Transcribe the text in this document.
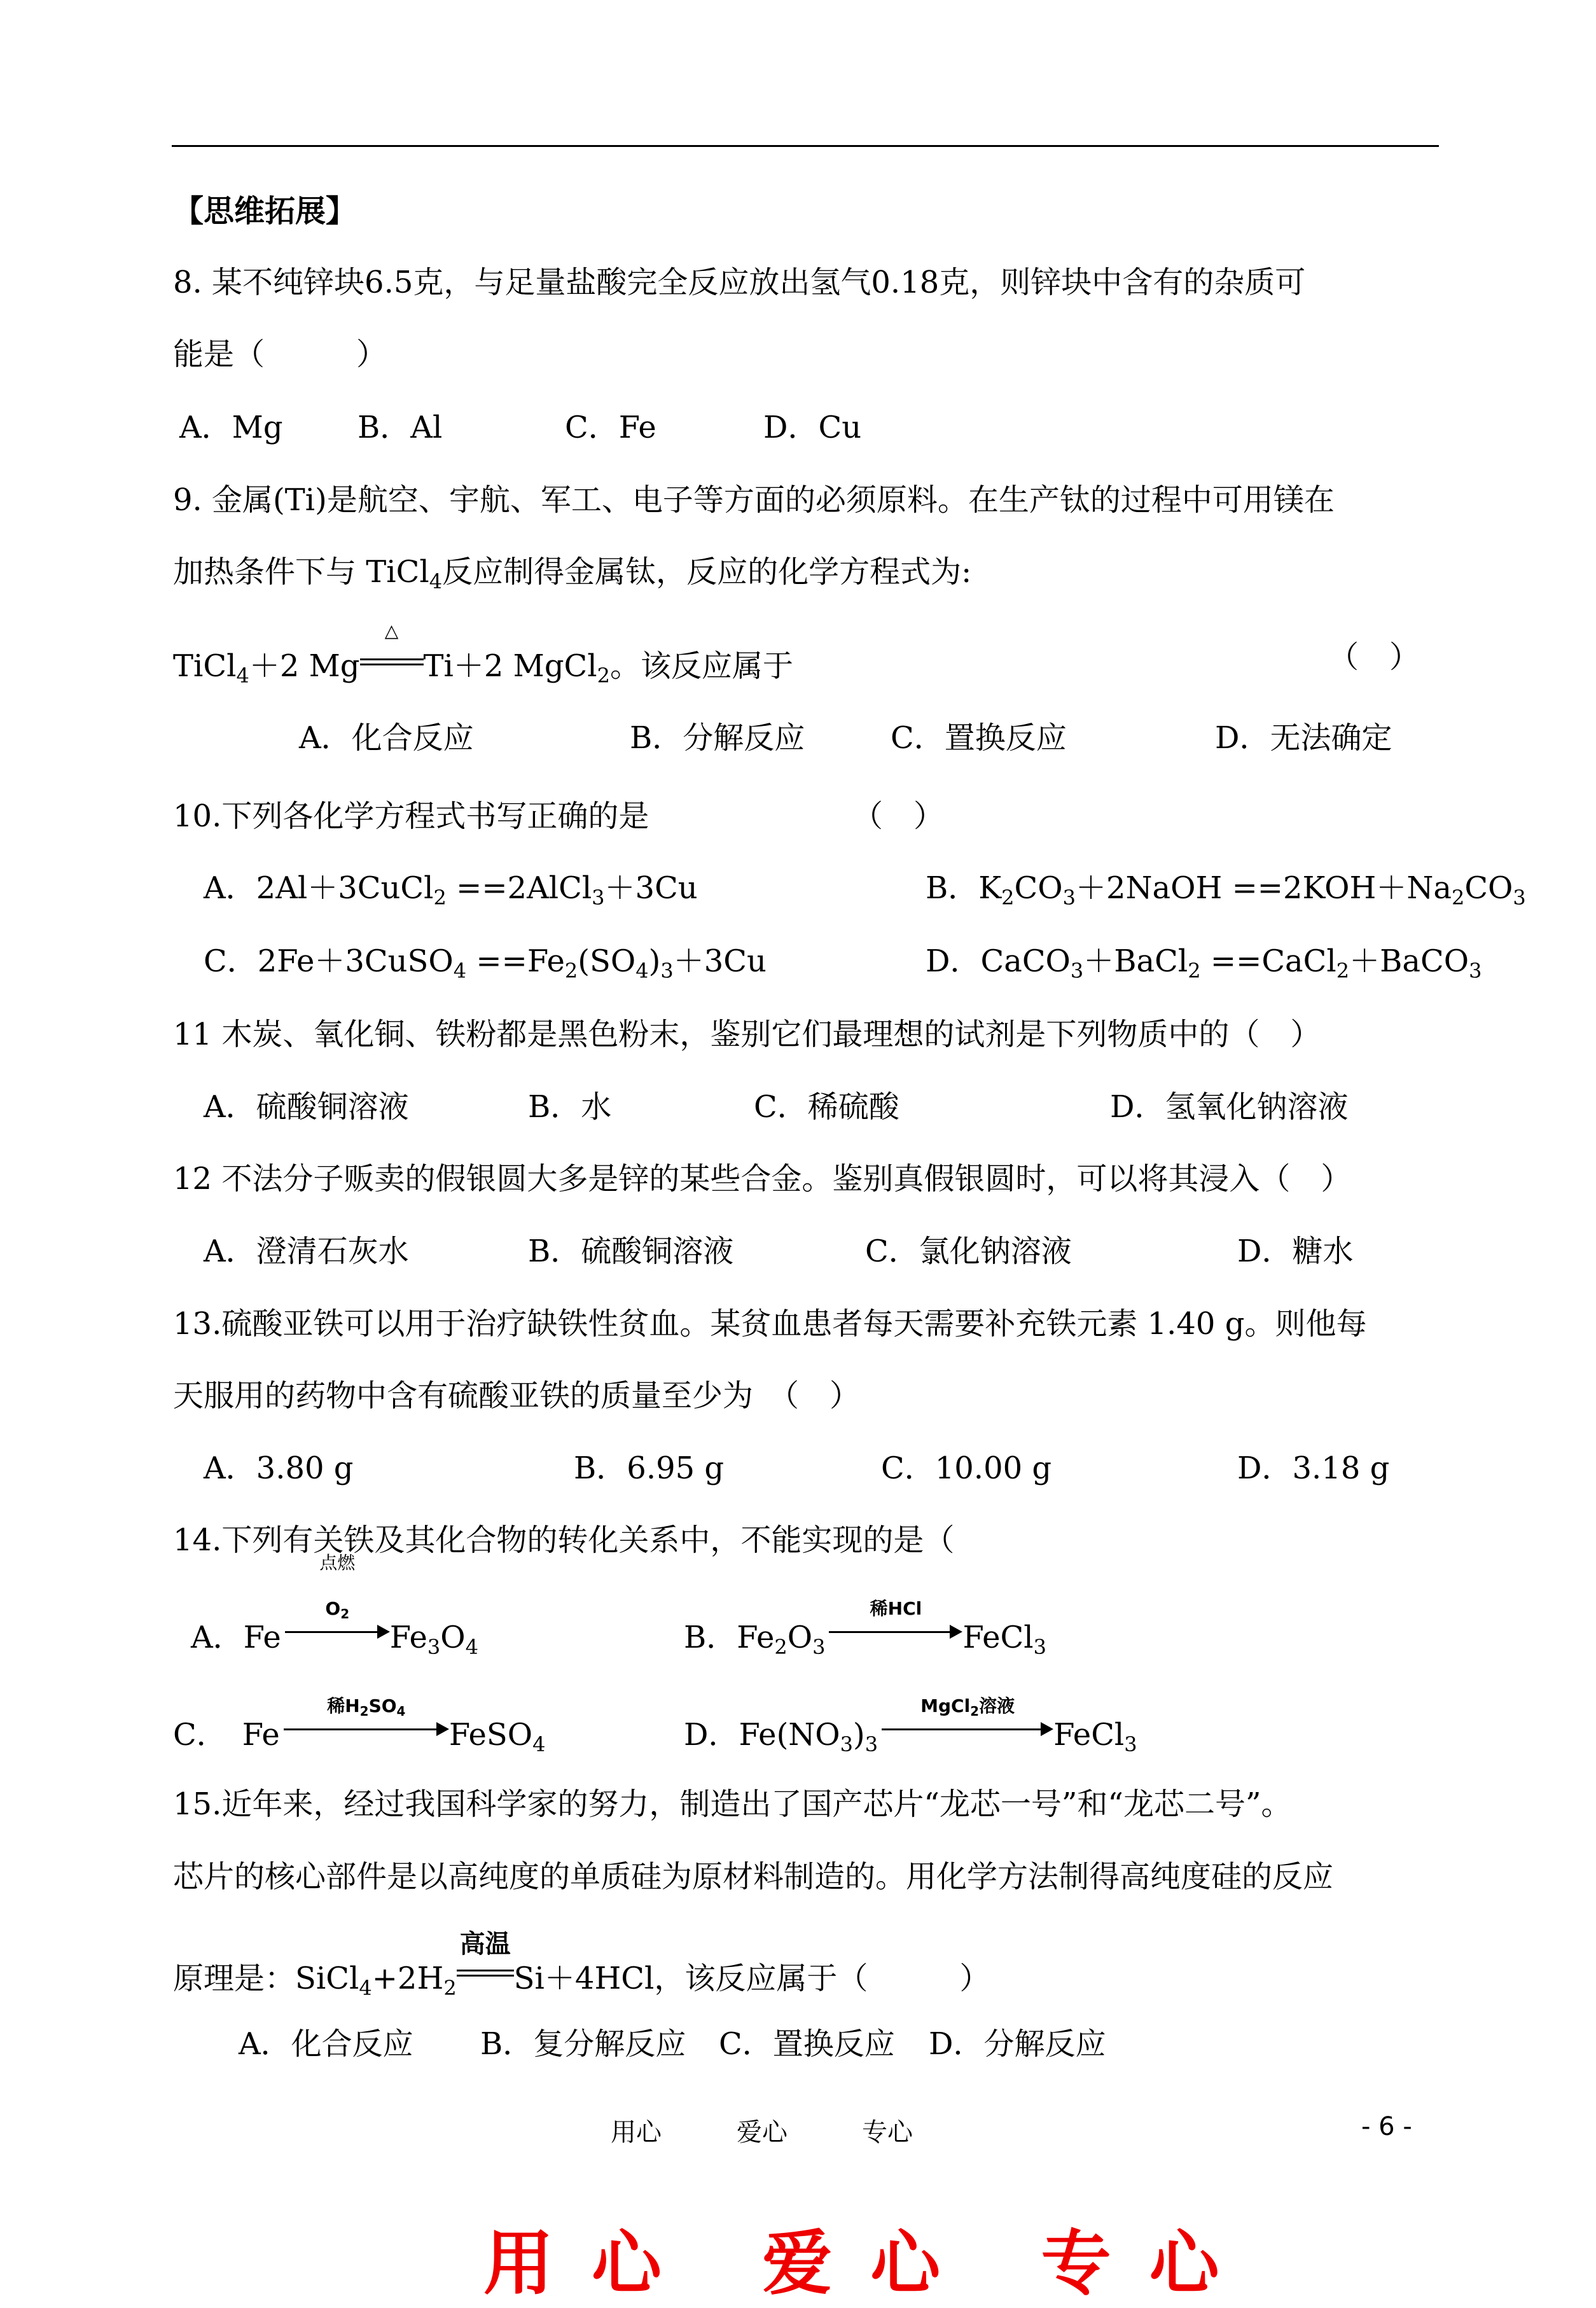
【思维拓展】
8. 某不纯锌块6.5克，与足量盐酸完全反应放出氢气0.18克，则锌块中含有的杂质可
能是（　　　）
A．Mg B．Al	C．Fe	D．Cu
9. 金属(Ti)是航空、宇航、军工、电子等方面的必须原料。在生产钛的过程中可用镁在
加热条件下与 TiCl$_4$反应制得金属钛，反应的化学方程式为:
TiCl$_4$＋2 Mg
△
Ti＋2 MgCl$_2$。该反应属于	（　）
A．化合反应	B．分解反应	C．置换反应	D．无法确定
10.下列各化学方程式书写正确的是	（　）
A．2Al＋3CuCl$_2$ ==2AlCl$_3$＋3Cu	B．$K_2CO_3+2NaOH ==2KOH+Na_2CO_3$
C．2Fe＋3CuSO$_4$ $==Fe_2(SO_4)_3+3Cu$	D．CaCO$_3$＋BaCl$_2$ ==CaCl$_2$＋BaCO$_3$
11 木炭、氧化铜、铁粉都是黑色粉末，鉴别它们最理想的试剂是下列物质中的（　）
A．硫酸铜溶液	B．水	C．稀硫酸	D．氢氧化钠溶液
12 不法分子贩卖的假银圆大多是锌的某些合金。鉴别真假银圆时，可以将其浸入（　）
A．澄清石灰水	B．硫酸铜溶液	C．氯化钠溶液	D．糖水
13.硫酸亚铁可以用于治疗缺铁性贫血。某贫血患者每天需要补充铁元素 1.40 g。则他每
天服用的药物中含有硫酸亚铁的质量至少为　（　）
A．3.80 g	B．6.95 g	C．10.00 g	D．3.18 g
14.下列有关铁及其化合物的转化关系中，不能实现的是（
A．Fe
点燃
$O_2$
$Fe_3O_4$	B．$Fe_2O_3$
稀HCl
FeCl$_3$
C．　Fe
稀$H_2SO_4$
FeSO$_4$	D．$Fe(NO_3)_3$
MgCl$_2$溶液
FeCl$_3$
15.近年来，经过我国科学家的努力，制造出了国产芯片“龙芯一号”和“龙芯二号”。
芯片的核心部件是以高纯度的单质硅为原材料制造的。用化学方法制得高纯度硅的反应
原理是：$SiCl_4+2H_2$
高温
Si＋4HCl，该反应属于（　　　）
A．化合反应 B．复分解反应 C．置换反应 D．分解反应
用心	爱心	专心	- 6 -
用心 爱心 专心
